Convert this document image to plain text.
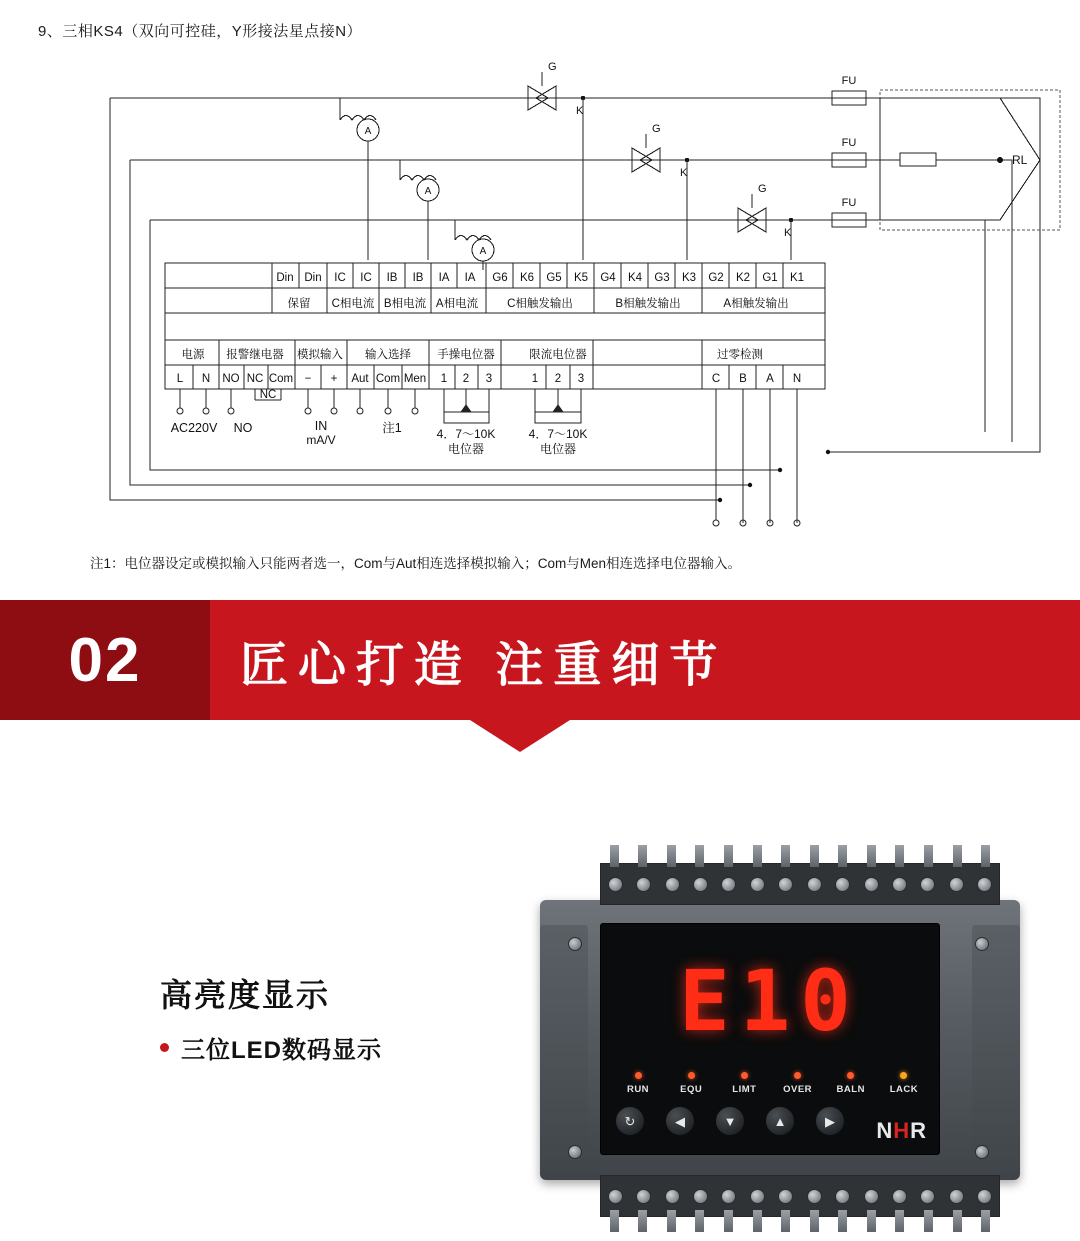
9、三相KS4（双向可控硅，Y形接法星点接N）
A
G
K
FU
A
G
K
FU
A
G
K
FU
RL
Din Din IC IC IB IB IA IA G6 K6 G5 K5 G4 K4 G3 K3 G2 K2 G1 K1
保留 C相电流 B相电流 A相电流	C相触发输出	B相触发输出	A相触发输出
电源 报警继电器 模拟输入 输入选择 手操电位器	限流电位器	过零检测
L N NO NC Com − + Aut Com Men 1 2 3	1 2 3	C B A N
NC
AC220V NO	IN
mA/V
注1	4．7～10K
电位器
4．7～10K
电位器
注1：电位器设定或模拟输入只能两者选一，Com与Aut相连选择模拟输入；Com与Men相连选择电位器输入。
02 匠心打造 注重细节
高亮度显示
三位LED数码显示
E10
RUN	EQU	LIMT	OVER	BALN	LACK
↻	◀	▼	▲	▶	NHR
